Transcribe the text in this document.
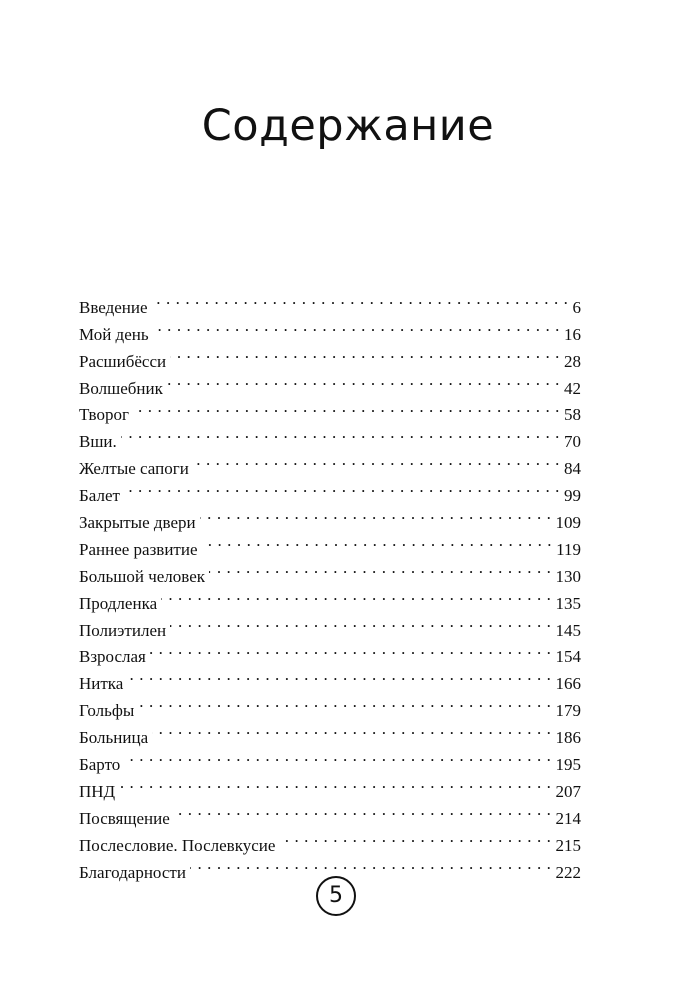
Содержание
Введение . . .	6
Мой день . . .	16
Расшибёсси . . .	28
Волшебник . . .	42
Творог . . .	58
Вши. . . .	70
Желтые сапоги . . .	84
Балет . . .	99
Закрытые двери . . .	109
Раннее развитие . . .	119
Большой человек . . .	130
Продленка . . .	135
Полиэтилен . . .	145
Взрослая . . .	154
Нитка . . .	166
Гольфы . . .	179
Больница . . .	186
Барто . . .	195
ПНД . . .	207
Посвящение . . .	214
Послесловие. Послевкусие . . .	215
Благодарности . . .	222
5
